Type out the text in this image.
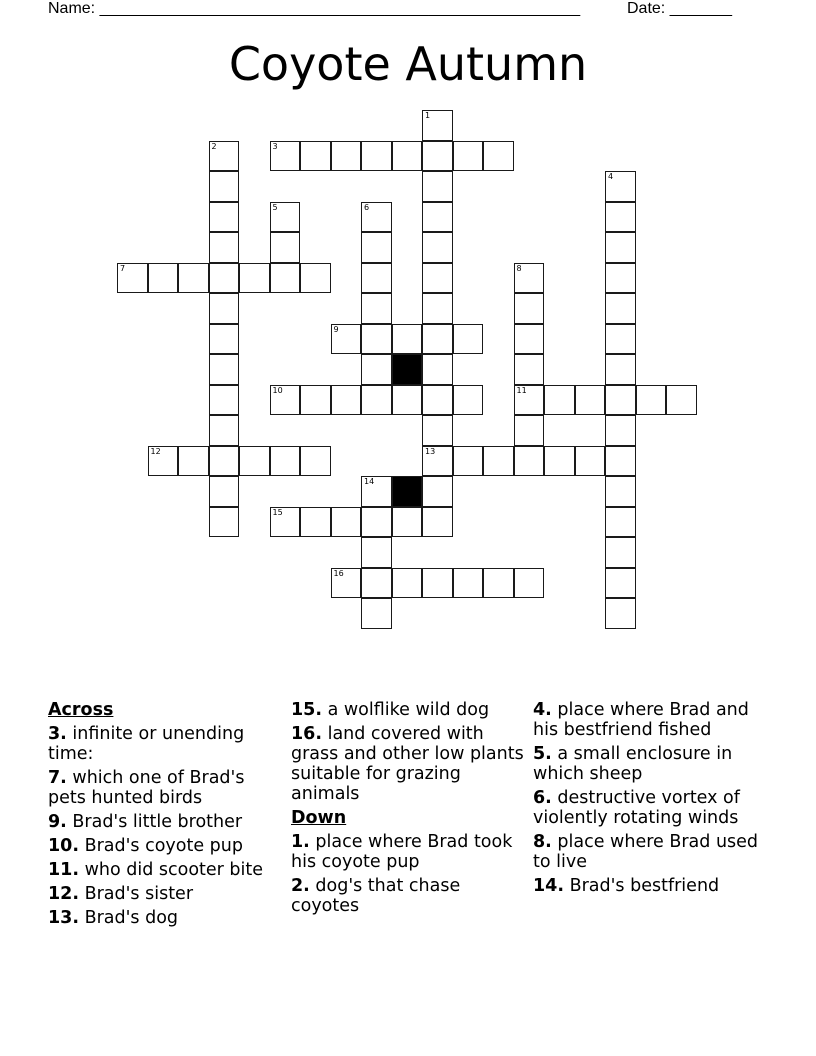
Name: ______________________________________________________	Date: _______
Coyote Autumn
1
2	3
4
5	6
7	8
9
10	11
12	13
14
15
16
Across
3. infinite or unending time:
7. which one of Brad's pets hunted birds
9. Brad's little brother
10. Brad's coyote pup
11. who did scooter bite
12. Brad's sister
13. Brad's dog
15. a wolflike wild dog
16. land covered with grass and other low plants suitable for grazing animals
Down
1. place where Brad took his coyote pup
2. dog's that chase coyotes
4. place where Brad and his bestfriend fished
5. a small enclosure in which sheep
6. destructive vortex of violently rotating winds
8. place where Brad used to live
14. Brad's bestfriend
